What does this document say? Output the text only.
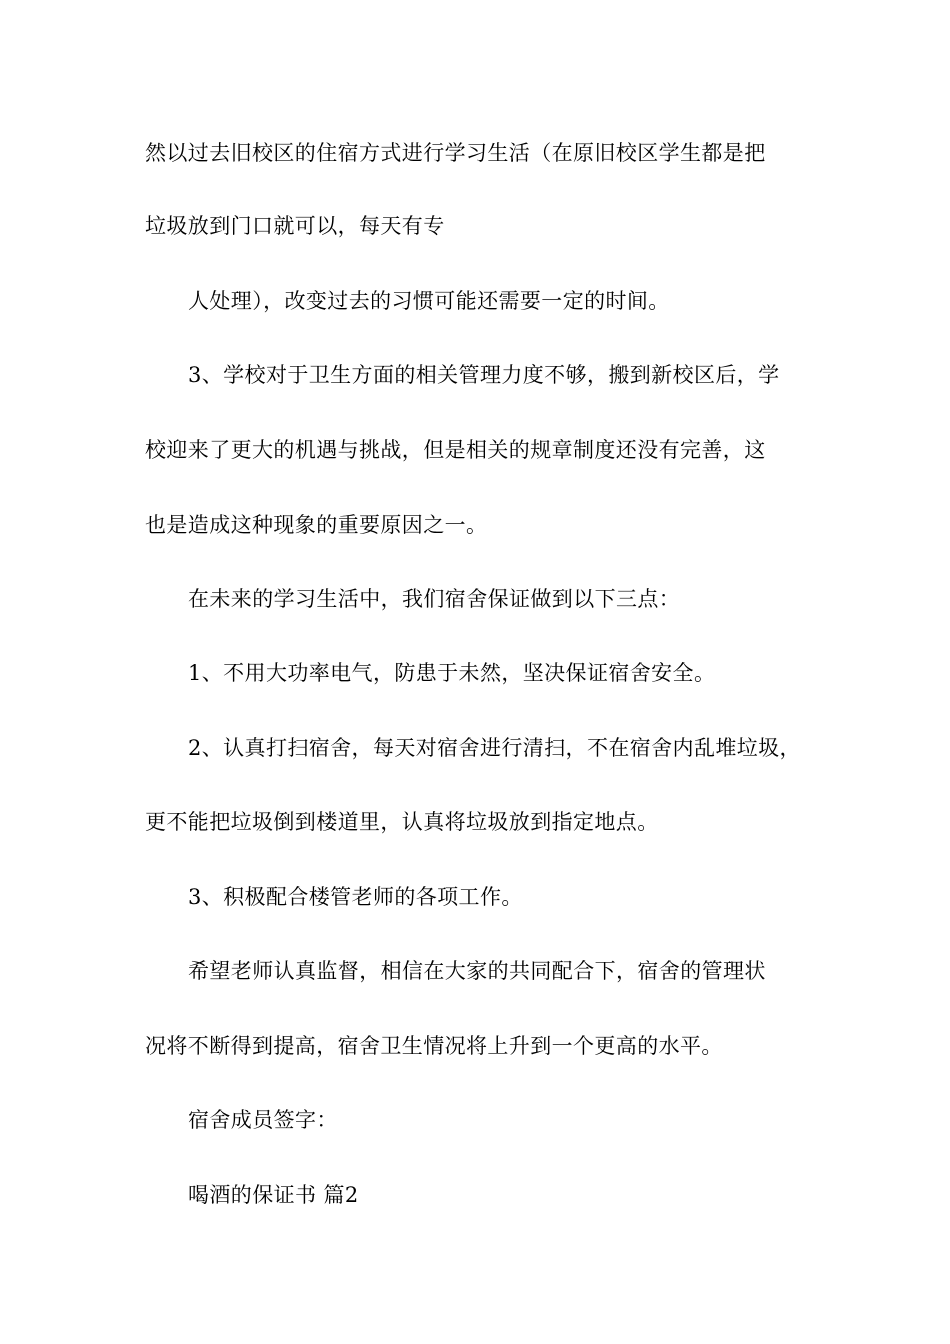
然以过去旧校区的住宿方式进行学习生活（在原旧校区学生都是把
垃圾放到门口就可以，每天有专
人处理），改变过去的习惯可能还需要一定的时间。
3、学校对于卫生方面的相关管理力度不够，搬到新校区后，学
校迎来了更大的机遇与挑战，但是相关的规章制度还没有完善，这
也是造成这种现象的重要原因之一。
在未来的学习生活中，我们宿舍保证做到以下三点：
1、不用大功率电气，防患于未然，坚决保证宿舍安全。
2、认真打扫宿舍，每天对宿舍进行清扫，不在宿舍内乱堆垃圾，
更不能把垃圾倒到楼道里，认真将垃圾放到指定地点。
3、积极配合楼管老师的各项工作。
希望老师认真监督，相信在大家的共同配合下，宿舍的管理状
况将不断得到提高，宿舍卫生情况将上升到一个更高的水平。
宿舍成员签字：
喝酒的保证书 篇2
